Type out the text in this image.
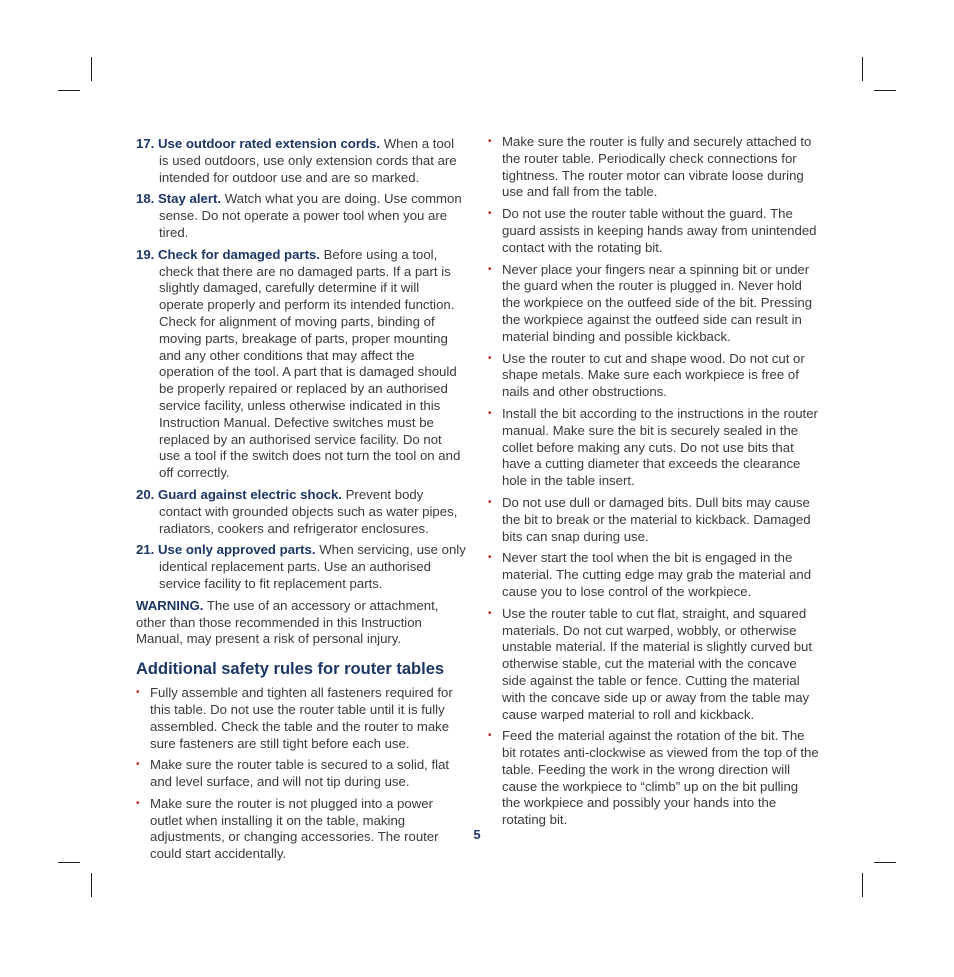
17. Use outdoor rated extension cords. When a tool is used outdoors, use only extension cords that are intended for outdoor use and are so marked.

18. Stay alert. Watch what you are doing. Use common sense. Do not operate a power tool when you are tired.

19. Check for damaged parts. Before using a tool, check that there are no damaged parts. If a part is slightly damaged, carefully determine if it will operate properly and perform its intended function. Check for alignment of moving parts, binding of moving parts, breakage of parts, proper mounting and any other conditions that may affect the operation of the tool. A part that is damaged should be properly repaired or replaced by an authorised service facility, unless otherwise indicated in this Instruction Manual. Defective switches must be replaced by an authorised service facility. Do not use a tool if the switch does not turn the tool on and off correctly.

20. Guard against electric shock. Prevent body contact with grounded objects such as water pipes, radiators, cookers and refrigerator enclosures.

21. Use only approved parts. When servicing, use only identical replacement parts. Use an authorised service facility to fit replacement parts.

WARNING. The use of an accessory or attachment, other than those recommended in this Instruction Manual, may present a risk of personal injury.

Additional safety rules for router tables
• Fully assemble and tighten all fasteners required for this table. Do not use the router table until it is fully assembled. Check the table and the router to make sure fasteners are still tight before each use.
• Make sure the router table is secured to a solid, flat and level surface, and will not tip during use.
• Make sure the router is not plugged into a power outlet when installing it on the table, making adjustments, or changing accessories. The router could start accidentally.
• Make sure the router is fully and securely attached to the router table. Periodically check connections for tightness. The router motor can vibrate loose during use and fall from the table.
• Do not use the router table without the guard. The guard assists in keeping hands away from unintended contact with the rotating bit.
• Never place your fingers near a spinning bit or under the guard when the router is plugged in. Never hold the workpiece on the outfeed side of the bit. Pressing the workpiece against the outfeed side can result in material binding and possible kickback.
• Use the router to cut and shape wood. Do not cut or shape metals. Make sure each workpiece is free of nails and other obstructions.
• Install the bit according to the instructions in the router manual. Make sure the bit is securely sealed in the collet before making any cuts. Do not use bits that have a cutting diameter that exceeds the clearance hole in the table insert.
• Do not use dull or damaged bits. Dull bits may cause the bit to break or the material to kickback. Damaged bits can snap during use.
• Never start the tool when the bit is engaged in the material. The cutting edge may grab the material and cause you to lose control of the workpiece.
• Use the router table to cut flat, straight, and squared materials. Do not cut warped, wobbly, or otherwise unstable material. If the material is slightly curved but otherwise stable, cut the material with the concave side against the table or fence. Cutting the material with the concave side up or away from the table may cause warped material to roll and kickback.
• Feed the material against the rotation of the bit. The bit rotates anti-clockwise as viewed from the top of the table. Feeding the work in the wrong direction will cause the workpiece to “climb” up on the bit pulling the workpiece and possibly your hands into the rotating bit.
5
